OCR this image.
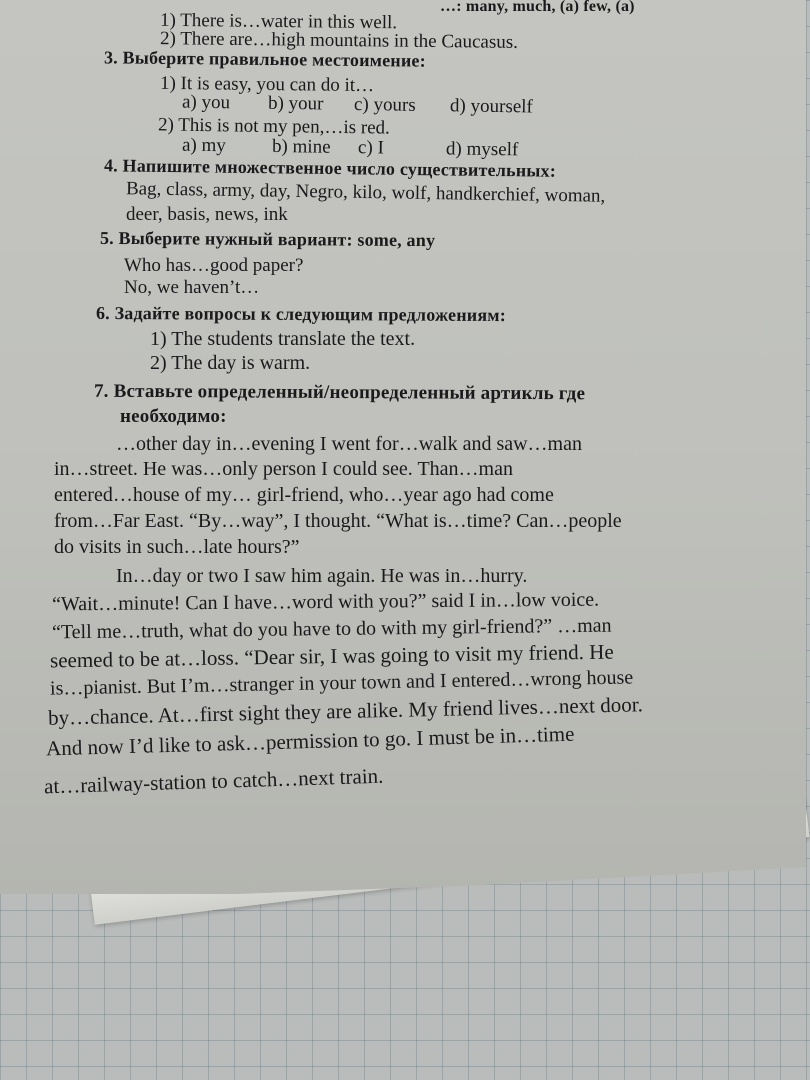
…: many, much, (a) few, (a)
1) There is…water in this well.
2) There are…high mountains in the Caucasus.
3. Выберите правильное местоимение:
1) It is easy, you can do it…
a) you b) your c) yours d) yourself
2) This is not my pen,…is red.
a) my b) mine c) I	d) myself
4. Напишите множественное число существительных:
Bag, class, army, day, Negro, kilo, wolf, handkerchief, woman,
deer, basis, news, ink
5. Выберите нужный вариант: some, any
Who has…good paper?
No, we haven’t…
6. Задайте вопросы к следующим предложениям:
1) The students translate the text.
2) The day is warm.
7. Вставьте определенный/неопределенный артикль где
необходимо:
…other day in…evening I went for…walk and saw…man
in…street. He was…only person I could see. Than…man
entered…house of my… girl-friend, who…year ago had come
from…Far East. “By…way”, I thought. “What is…time? Can…people
do visits in such…late hours?”
In…day or two I saw him again. He was in…hurry.
“Wait…minute! Can I have…word with you?” said I in…low voice.
“Tell me…truth, what do you have to do with my girl-friend?” …man
seemed to be at…loss. “Dear sir, I was going to visit my friend. He
is…pianist. But I’m…stranger in your town and I entered…wrong house
by…chance. At…first sight they are alike. My friend lives…next door.
And now I’d like to ask…permission to go. I must be in…time
at…railway-station to catch…next train.
